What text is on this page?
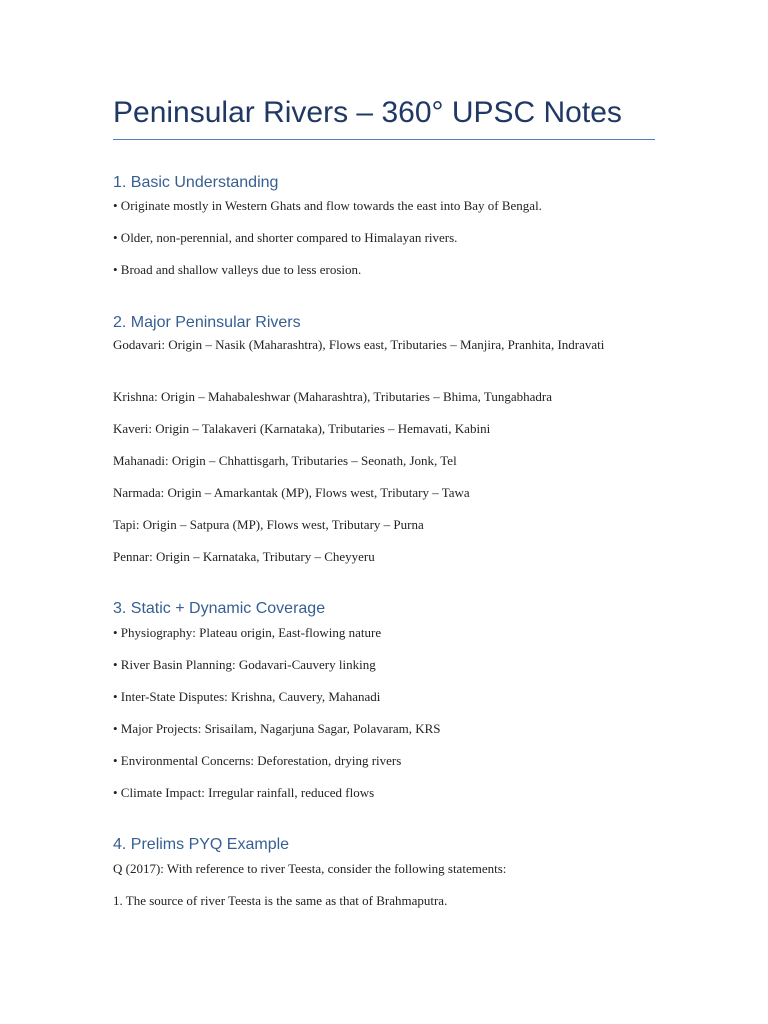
Peninsular Rivers – 360° UPSC Notes
1. Basic Understanding

• Originate mostly in Western Ghats and flow towards the east into Bay of Bengal.

• Older, non-perennial, and shorter compared to Himalayan rivers.

• Broad and shallow valleys due to less erosion.

2. Major Peninsular Rivers

Godavari: Origin – Nasik (Maharashtra), Flows east, Tributaries – Manjira, Pranhita, Indravati

Krishna: Origin – Mahabaleshwar (Maharashtra), Tributaries – Bhima, Tungabhadra

Kaveri: Origin – Talakaveri (Karnataka), Tributaries – Hemavati, Kabini

Mahanadi: Origin – Chhattisgarh, Tributaries – Seonath, Jonk, Tel

Narmada: Origin – Amarkantak (MP), Flows west, Tributary – Tawa

Tapi: Origin – Satpura (MP), Flows west, Tributary – Purna

Pennar: Origin – Karnataka, Tributary – Cheyyeru

3. Static + Dynamic Coverage

• Physiography: Plateau origin, East-flowing nature

• River Basin Planning: Godavari-Cauvery linking

• Inter-State Disputes: Krishna, Cauvery, Mahanadi

• Major Projects: Srisailam, Nagarjuna Sagar, Polavaram, KRS

• Environmental Concerns: Deforestation, drying rivers

• Climate Impact: Irregular rainfall, reduced flows

4. Prelims PYQ Example

Q (2017): With reference to river Teesta, consider the following statements:

1. The source of river Teesta is the same as that of Brahmaputra.
